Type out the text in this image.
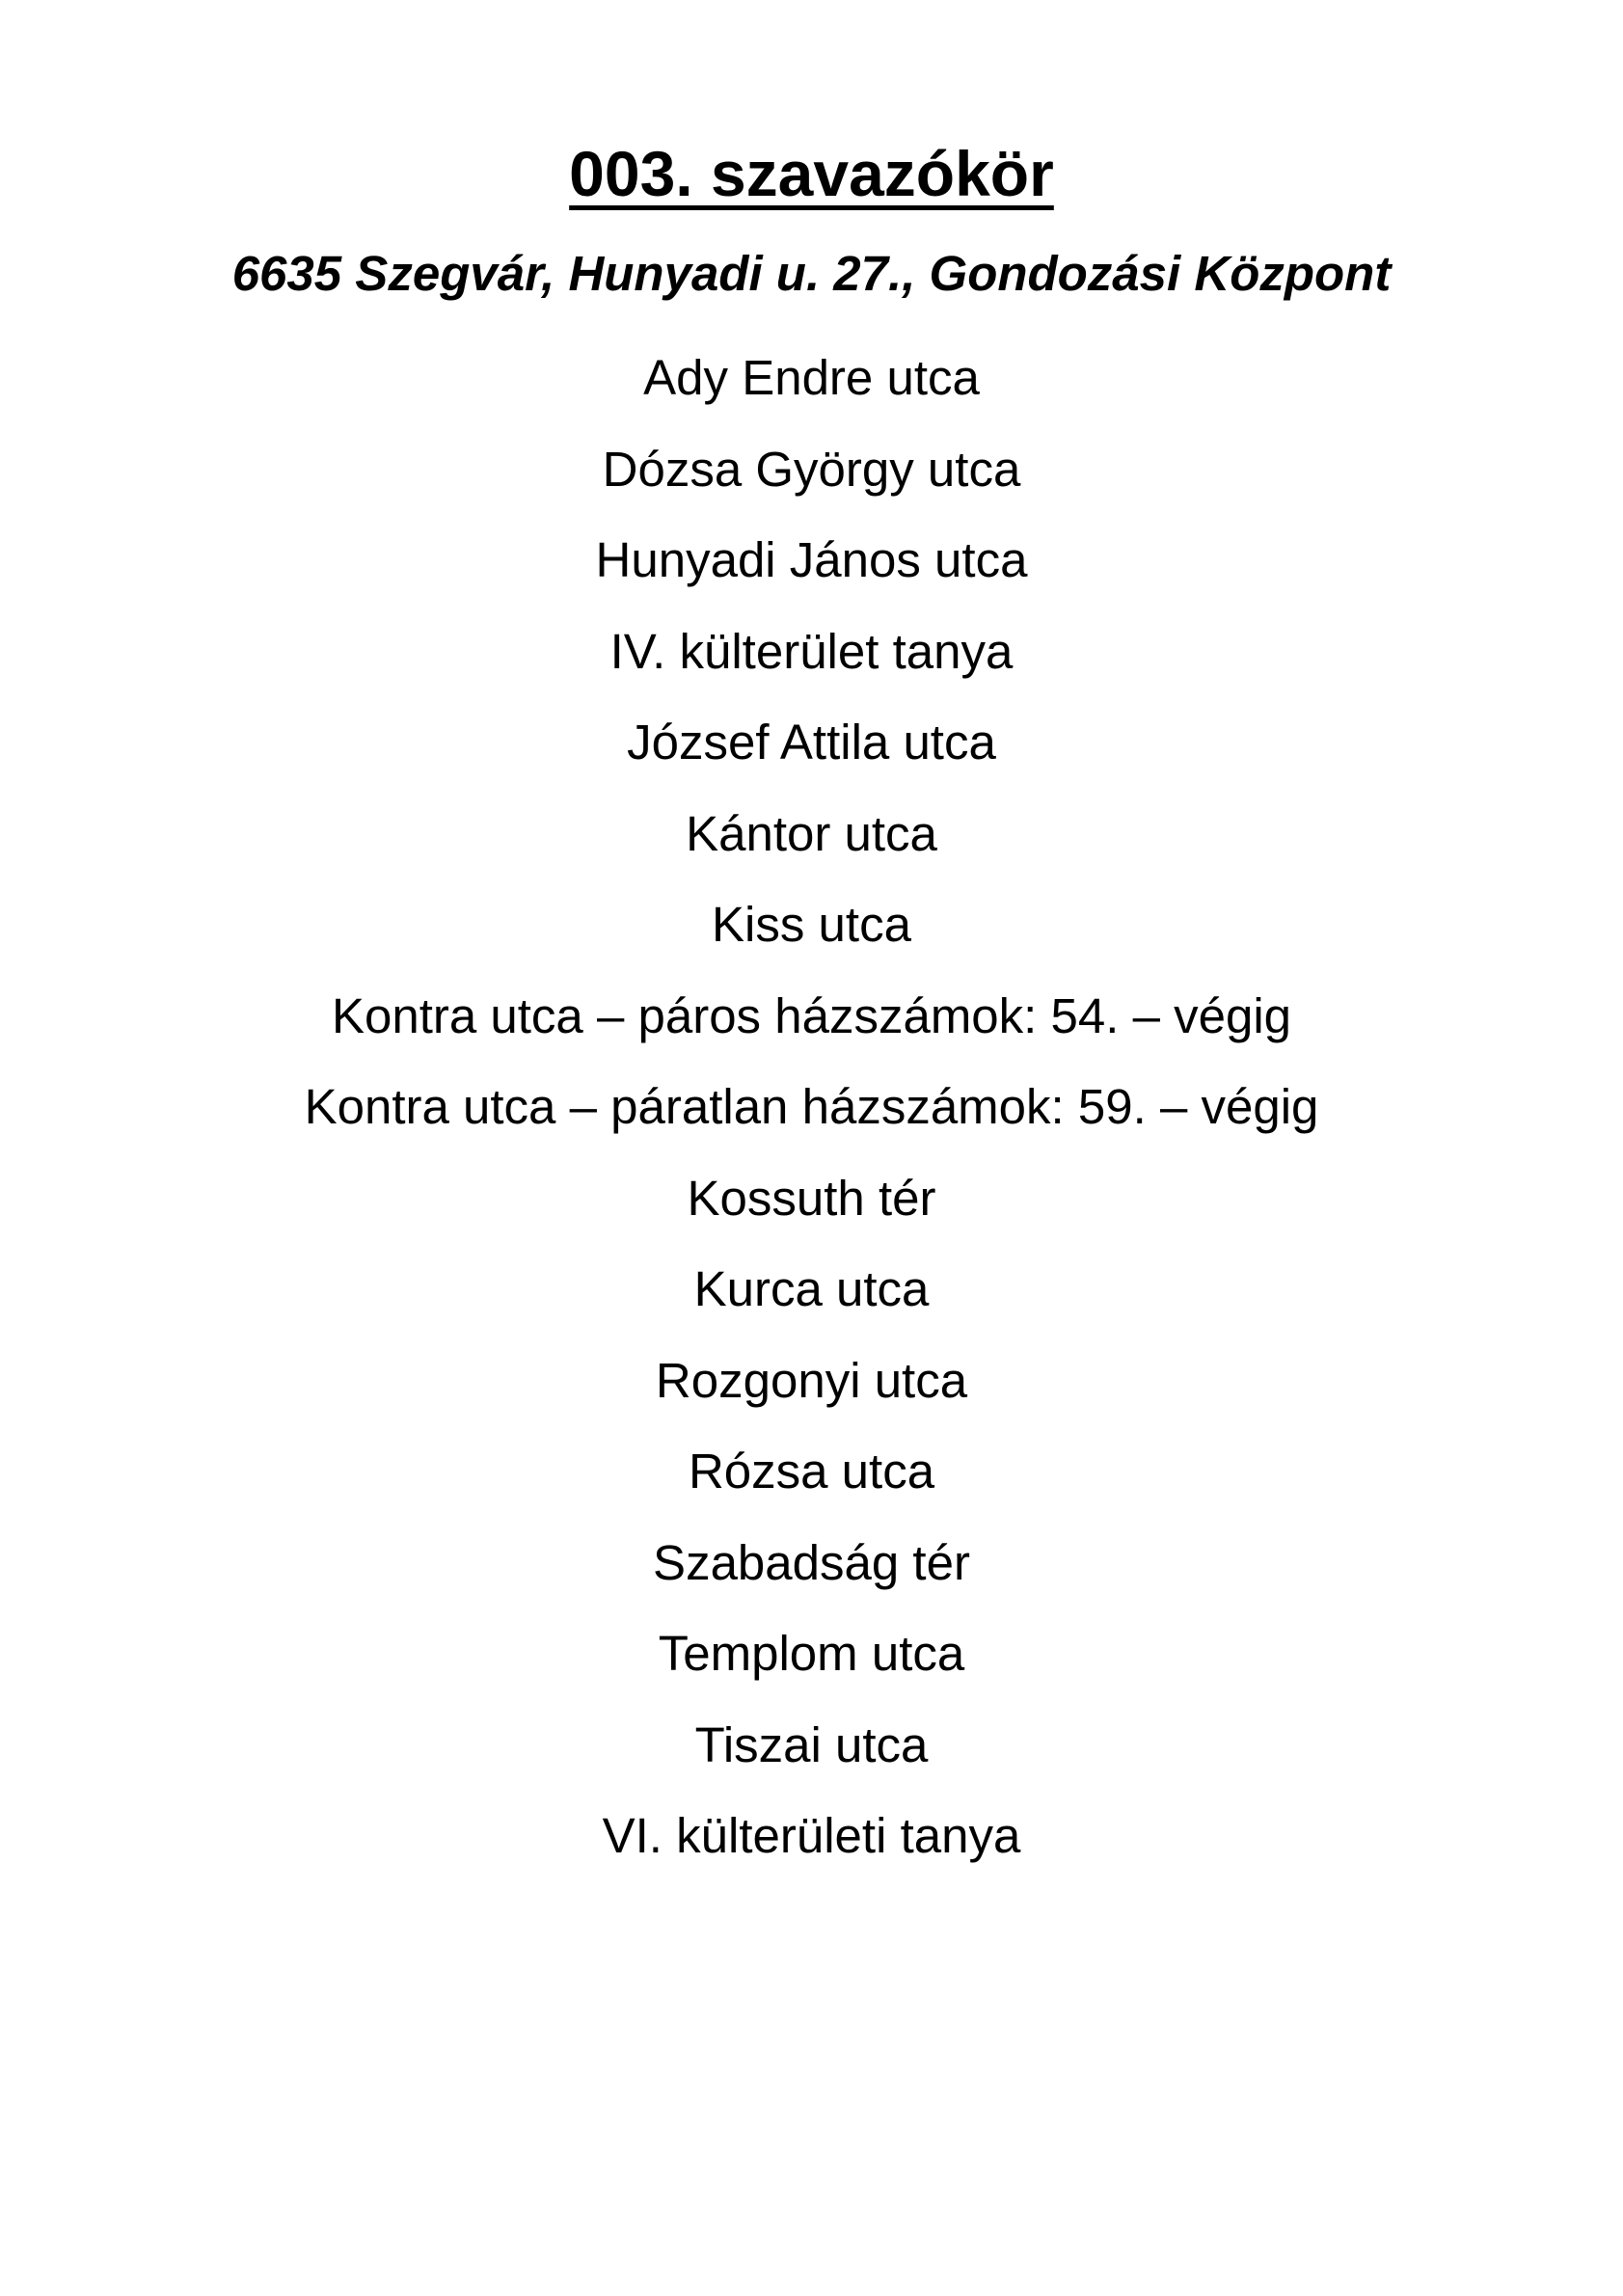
003. szavazókör
6635 Szegvár, Hunyadi u. 27., Gondozási Központ
Ady Endre utca
Dózsa György utca
Hunyadi János utca
IV. külterület tanya
József Attila utca
Kántor utca
Kiss utca
Kontra utca – páros házszámok: 54. – végig
Kontra utca – páratlan házszámok: 59. – végig
Kossuth tér
Kurca utca
Rozgonyi utca
Rózsa utca
Szabadság tér
Templom utca
Tiszai utca
VI. külterületi tanya
